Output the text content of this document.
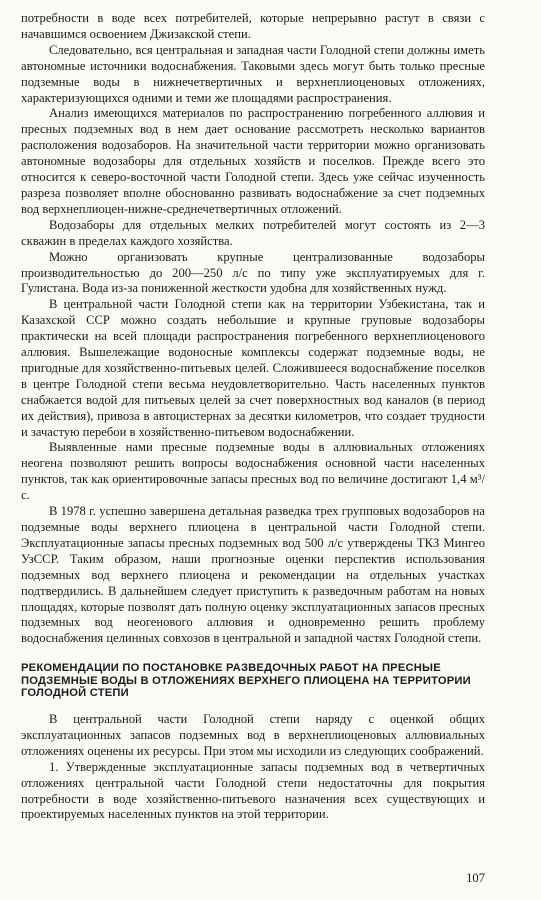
потребности в воде всех потребителей, которые непрерывно растут в связи с начавшимся освоением Джизакской степи.

Следовательно, вся центральная и западная части Голодной степи должны иметь автономные источники водоснабжения. Таковыми здесь могут быть только пресные подземные воды в нижнечетвертичных и верхнеплиоценовых отложениях, характеризующихся одними и теми же площадями распространения.

Анализ имеющихся материалов по распространению погребенного аллювия и пресных подземных вод в нем дает основание рассмотреть несколько вариантов расположения водозаборов. На значительной части территории можно организовать автономные водозаборы для отдельных хозяйств и поселков. Прежде всего это относится к северо-восточной части Голодной степи. Здесь уже сейчас изученность разреза позволяет вполне обоснованно развивать водоснабжение за счет подземных вод верхнеплиоцен-нижне-среднечетвертичных отложений.

Водозаборы для отдельных мелких потребителей могут состоять из 2—3 скважин в пределах каждого хозяйства.

Можно организовать крупные централизованные водозаборы производительностью до 200—250 л/с по типу уже эксплуатируемых для г. Гулистана. Вода из-за пониженной жесткости удобна для хозяйственных нужд.

В центральной части Голодной степи как на территории Узбекистана, так и Казахской ССР можно создать небольшие и крупные груповые водозаборы практически на всей площади распространения погребенного верхнеплиоценового аллювия. Вышележащие водоносные комплексы содержат подземные воды, не пригодные для хозяйственно-питьевых целей. Сложившееся водоснабжение поселков в центре Голодной степи весьма неудовлетворительно. Часть населенных пунктов снабжается водой для питьевых целей за счет поверхностных вод каналов (в период их действия), привоза в автоцистернах за десятки километров, что создает трудности и зачастую перебои в хозяйственно-питьевом водоснабжении.

Выявленные нами пресные подземные воды в аллювиальных отложениях неогена позволяют решить вопросы водоснабжения основной части населенных пунктов, так как ориентировочные запасы пресных вод по величине достигают 1,4 м³/с.

В 1978 г. успешно завершена детальная разведка трех групповых водозаборов на подземные воды верхнего плиоцена в центральной части Голодной степи. Эксплуатационные запасы пресных подземных вод 500 л/с утверждены ТКЗ Мингео УзССР. Таким образом, наши прогнозные оценки перспектив использования подземных вод верхнего плиоцена и рекомендации на отдельных участках подтвердились. В дальнейшем следует приступить к разведочным работам на новых площадях, которые позволят дать полную оценку эксплуатационных запасов пресных подземных вод неогенового аллювия и одновременно решить проблему водоснабжения целинных совхозов в центральной и западной частях Голодной степи.

РЕКОМЕНДАЦИИ ПО ПОСТАНОВКЕ РАЗВЕДОЧНЫХ РАБОТ НА ПРЕСНЫЕ ПОДЗЕМНЫЕ ВОДЫ В ОТЛОЖЕНИЯХ ВЕРХНЕГО ПЛИОЦЕНА НА ТЕРРИТОРИИ ГОЛОДНОЙ СТЕПИ

В центральной части Голодной степи наряду с оценкой общих эксплуатационных запасов подземных вод в верхнеплиоценовых аллювиальных отложениях оценены их ресурсы. При этом мы исходили из следующих соображений.

1. Утвержденные эксплуатационные запасы подземных вод в четвертичных отложениях центральной части Голодной степи недостаточны для покрытия потребности в воде хозяйственно-питьевого назначения всех существующих и проектируемых населенных пунктов на этой территории.

107
